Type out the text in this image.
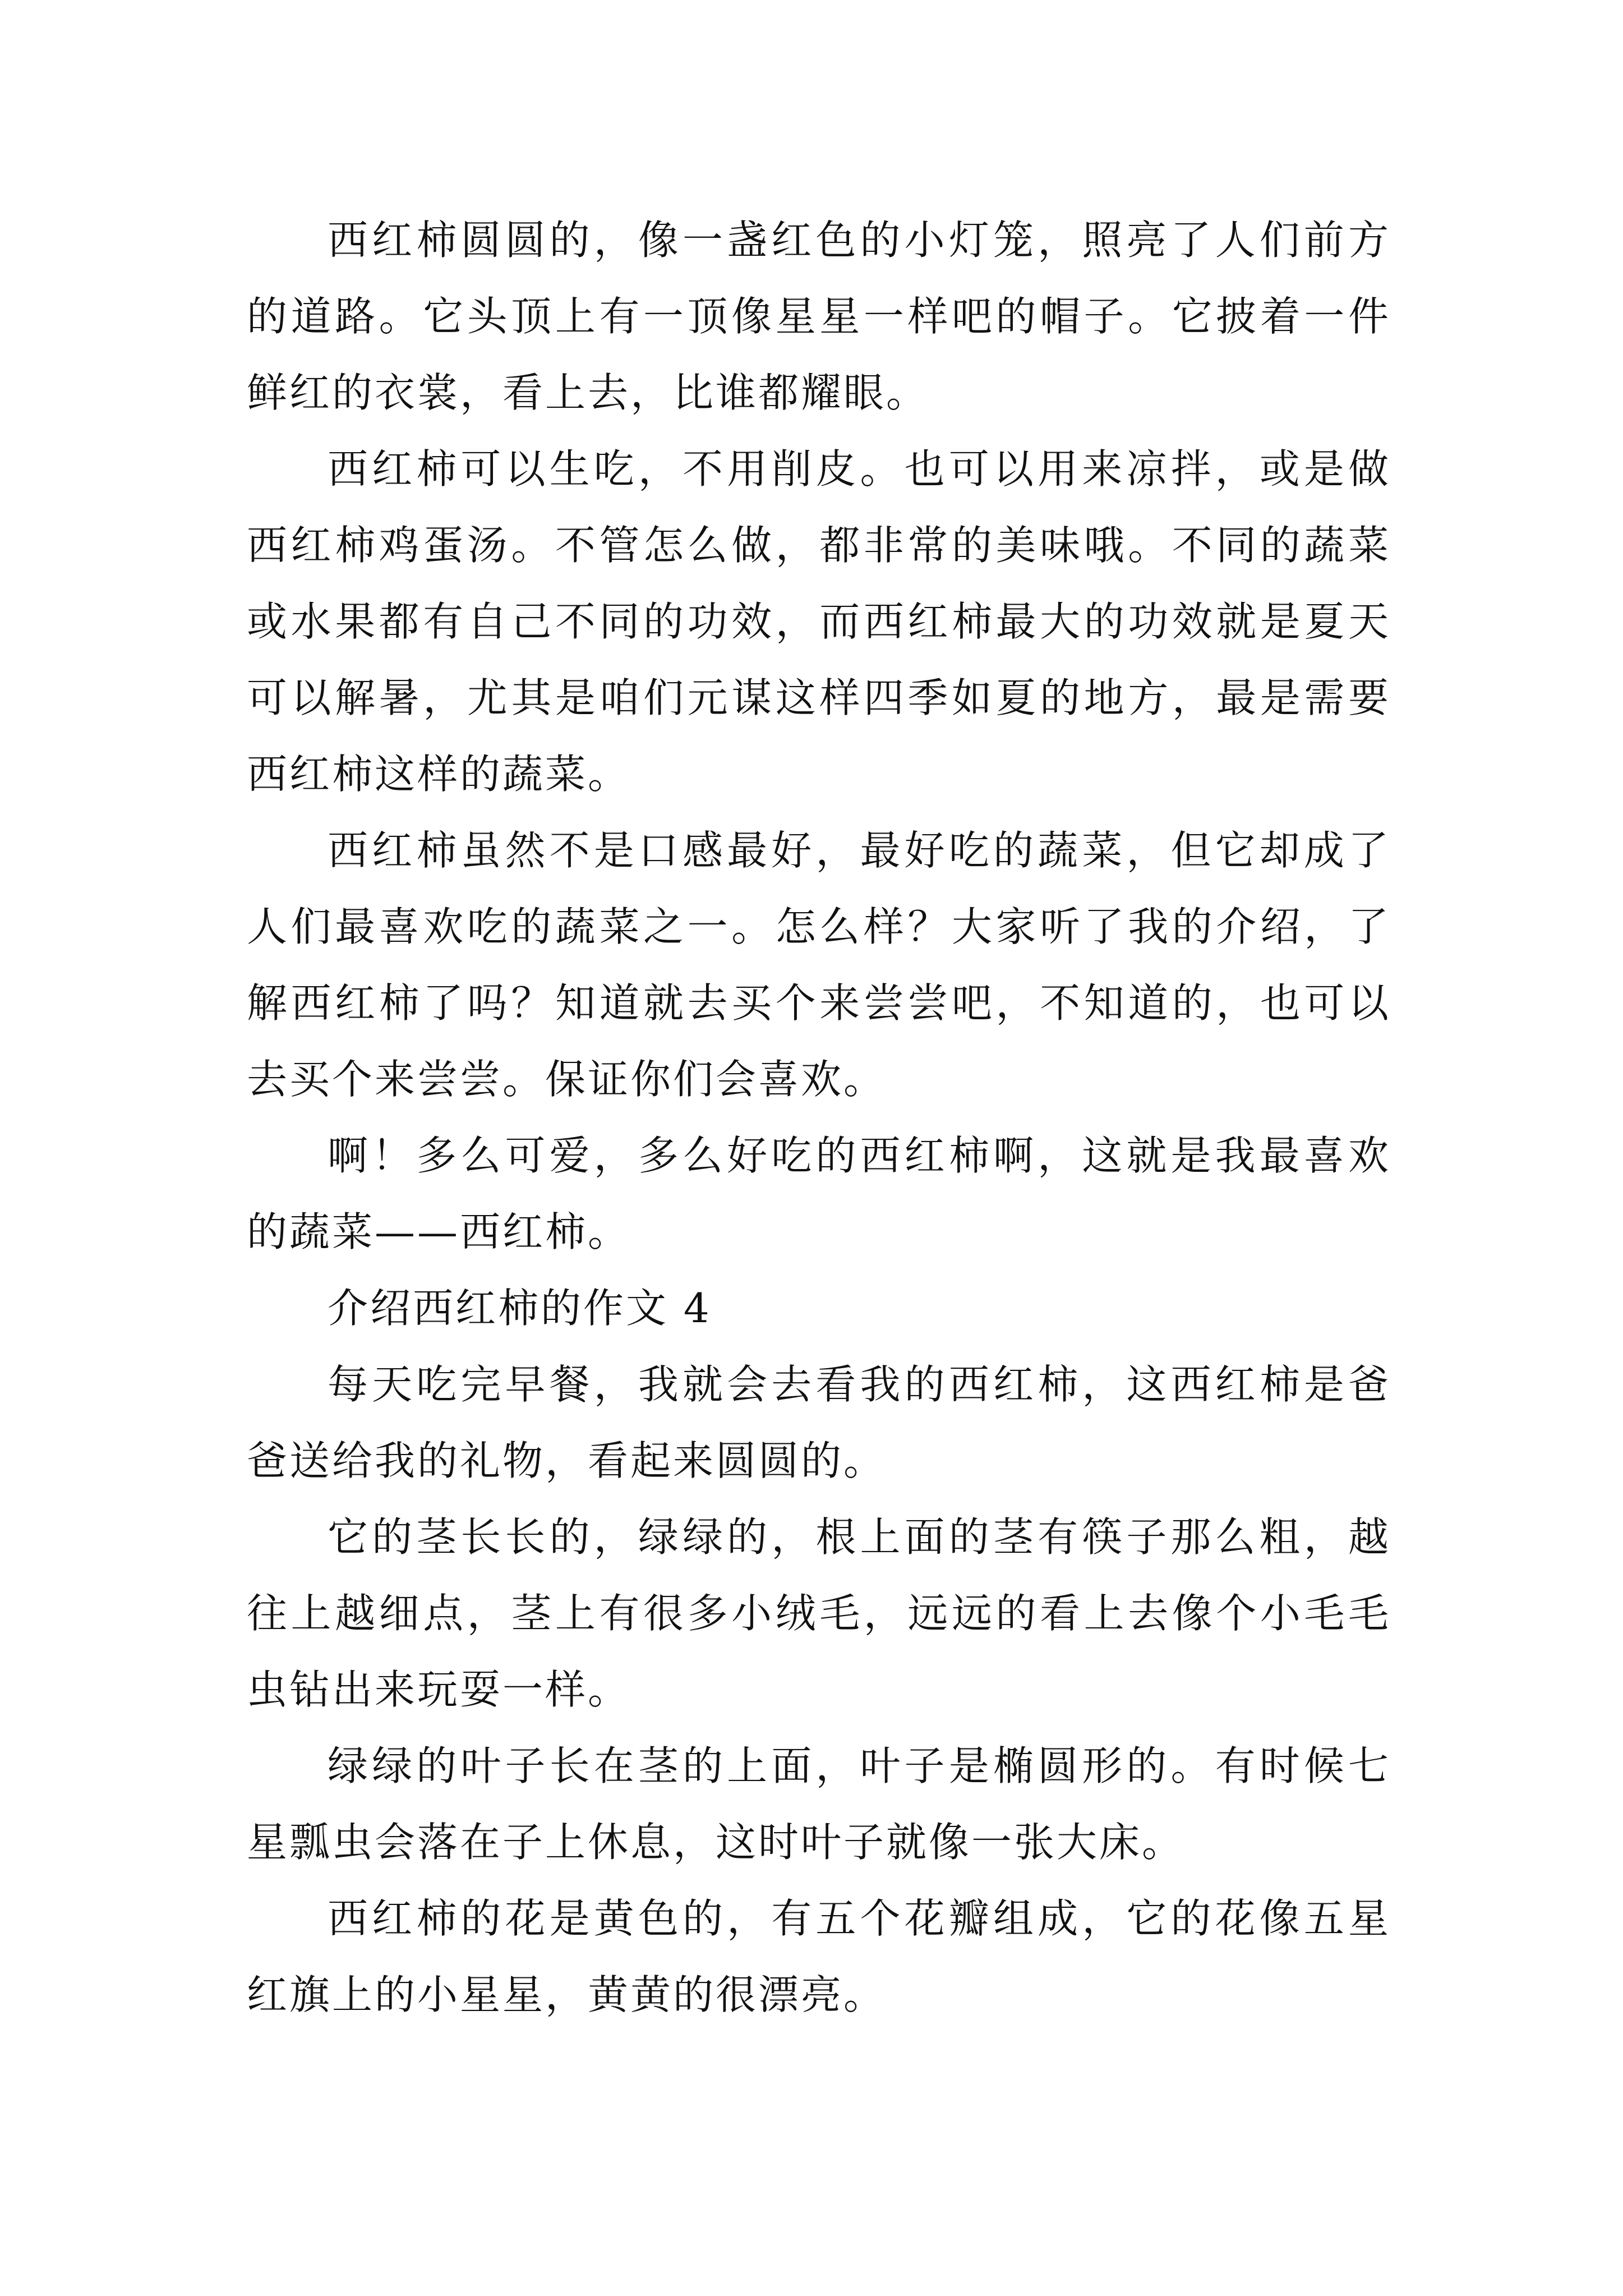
西红柿圆圆的，像一盏红色的小灯笼，照亮了人们前方的道路。它头顶上有一顶像星星一样吧的帽子。它披着一件鲜红的衣裳，看上去，比谁都耀眼。

西红柿可以生吃，不用削皮。也可以用来凉拌，或是做西红柿鸡蛋汤。不管怎么做，都非常的美味哦。不同的蔬菜或水果都有自己不同的功效，而西红柿最大的功效就是夏天可以解暑，尤其是咱们元谋这样四季如夏的地方，最是需要西红柿这样的蔬菜。

西红柿虽然不是口感最好，最好吃的蔬菜，但它却成了人们最喜欢吃的蔬菜之一。怎么样？大家听了我的介绍，了解西红柿了吗？知道就去买个来尝尝吧，不知道的，也可以去买个来尝尝。保证你们会喜欢。

啊！多么可爱，多么好吃的西红柿啊，这就是我最喜欢的蔬菜——西红柿。

介绍西红柿的作文 4

每天吃完早餐，我就会去看我的西红柿，这西红柿是爸爸送给我的礼物，看起来圆圆的。

它的茎长长的，绿绿的，根上面的茎有筷子那么粗，越往上越细点，茎上有很多小绒毛，远远的看上去像个小毛毛虫钻出来玩耍一样。

绿绿的叶子长在茎的上面，叶子是椭圆形的。有时候七星瓢虫会落在子上休息，这时叶子就像一张大床。

西红柿的花是黄色的，有五个花瓣组成，它的花像五星红旗上的小星星，黄黄的很漂亮。
